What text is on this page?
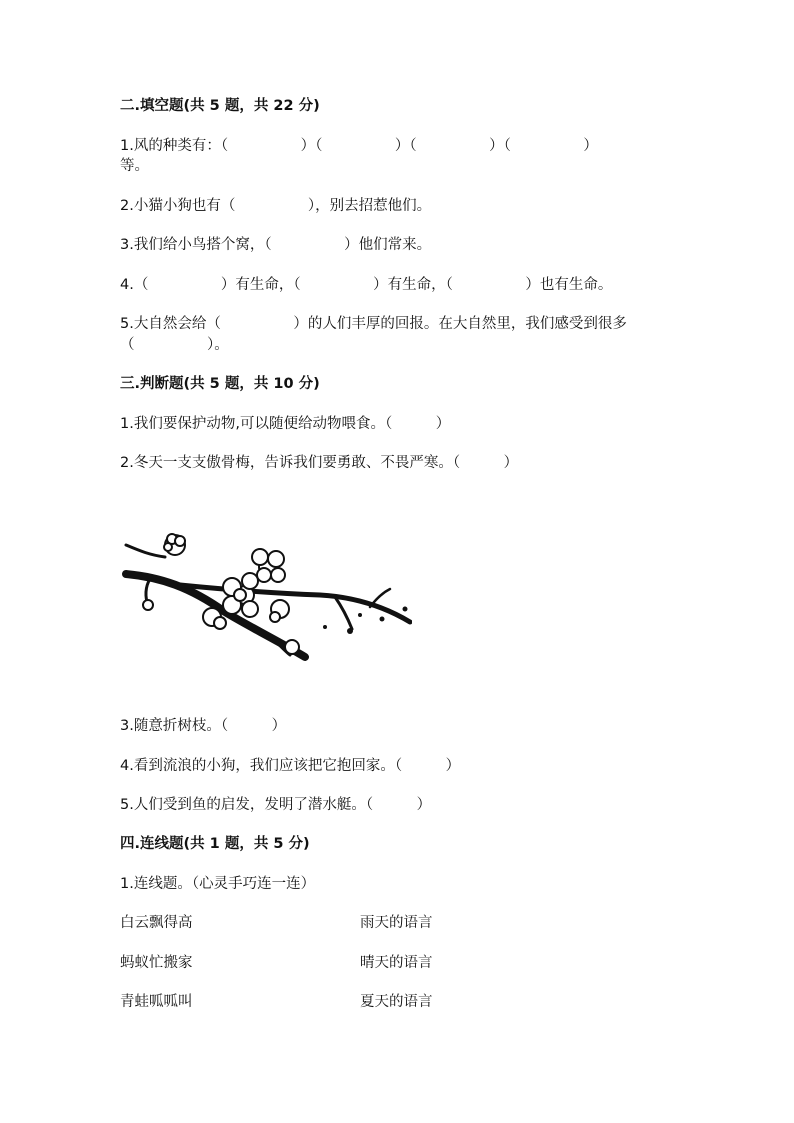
二.填空题(共 5 题，共 22 分)
1.风的种类有：（　　　　　）（　　　　　）（　　　　　）（　　　　　）
等。
2.小猫小狗也有（　　　　　），别去招惹他们。
3.我们给小鸟搭个窝，（　　　　　）他们常来。
4.（　　　　　）有生命，（　　　　　）有生命，（　　　　　）也有生命。
5.大自然会给（　　　　　）的人们丰厚的回报。在大自然里，我们感受到很多
（　　　　　）。
三.判断题(共 5 题，共 10 分)
1.我们要保护动物,可以随便给动物喂食。（　　　）
2.冬天一支支傲骨梅，告诉我们要勇敢、不畏严寒。（　　　）
3.随意折树枝。（　　　）
4.看到流浪的小狗，我们应该把它抱回家。（　　　）
5.人们受到鱼的启发，发明了潜水艇。（　　　）
四.连线题(共 1 题，共 5 分)
1.连线题。（心灵手巧连一连）
白云飘得高	雨天的语言
蚂蚁忙搬家	晴天的语言
青蛙呱呱叫	夏天的语言
